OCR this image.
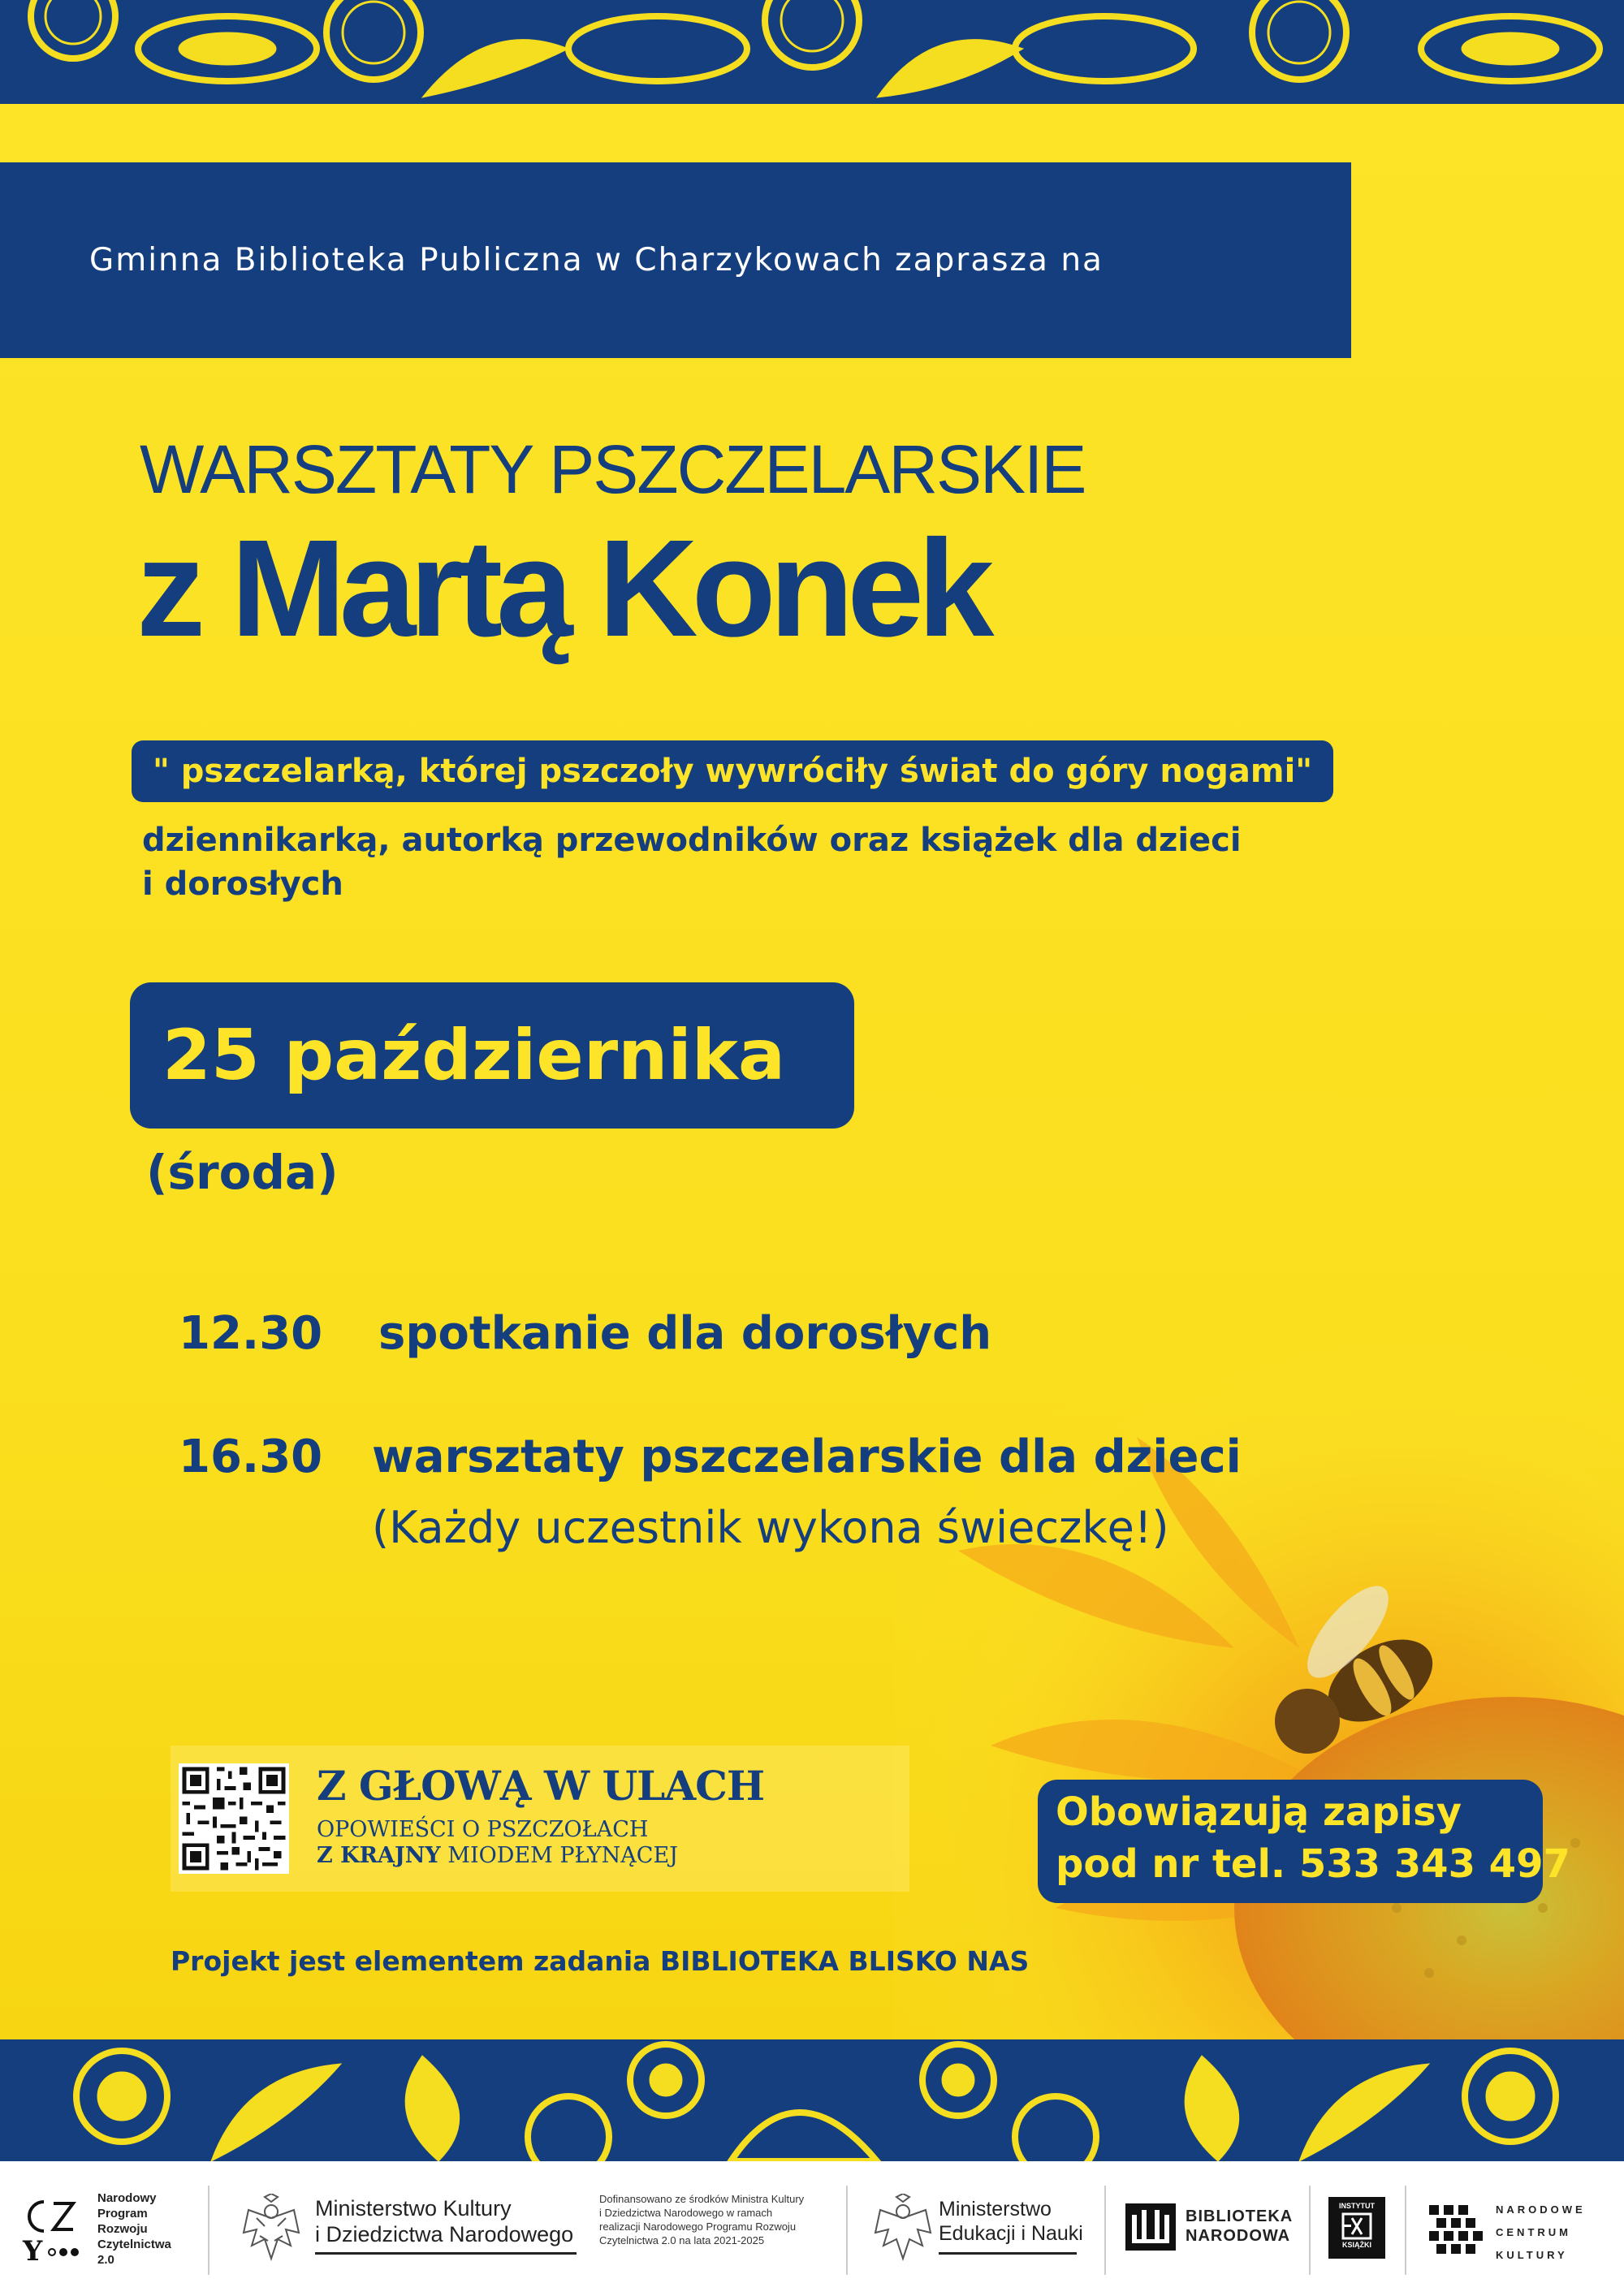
Gminna Biblioteka Publiczna w Charzykowach zaprasza na
WARSZTATY PSZCZELARSKIE
z Martą Konek
" pszczelarką, której pszczoły wywróciły świat do góry nogami"
dziennikarką, autorką przewodników oraz książek dla dzieci
i dorosłych
25 października
(środa)
12.30 spotkanie dla dorosłych
16.30 warsztaty pszczelarskie dla dzieci
(Każdy uczestnik wykona świeczkę!)
Z GŁOWĄ W ULACH
OPOWIEŚCI O PSZCZOŁACH
Z KRAJNY MIODEM PŁYNĄCEJ
Obowiązują zapisy
pod nr tel. 533 343 497
Projekt jest elementem zadania BIBLIOTEKA BLISKO NAS
Y
Narodowy
Program
Rozwoju
Czytelnictwa
2.0
Ministerstwo Kultury
i Dziedzictwa Narodowego
Dofinansowano ze środków Ministra Kultury
i Dziedzictwa Narodowego w ramach
realizacji Narodowego Programu Rozwoju
Czytelnictwa 2.0 na lata 2021-2025
Ministerstwo
Edukacji i Nauki
BIBLIOTEKA
NARODOWA
INSTYTUT
KSIĄŻKI
NARODOWE
CENTRUM
KULTURY
